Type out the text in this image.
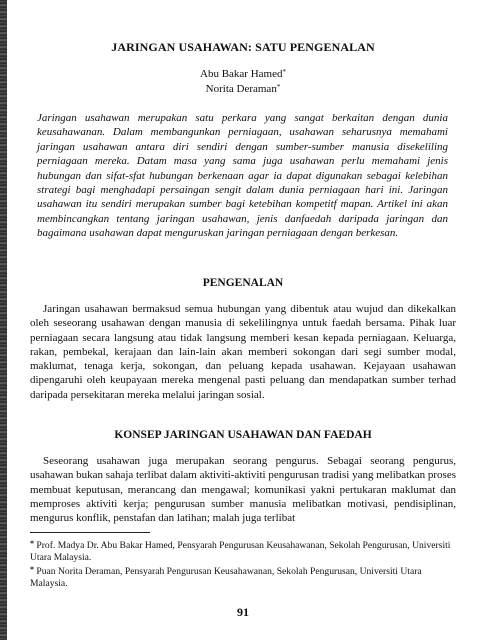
JARINGAN USAHAWAN: SATU PENGENALAN
Abu Bakar Hamed*
Norita Deraman*
Jaringan usahawan merupakan satu perkara yang sangat berkaitan dengan dunia keusahawanan. Dalam membangunkan perniagaan, usahawan seharusnya memahami jaringan usahawan antara diri sendiri dengan sumber-sumber manusia disekeliling perniagaan mereka. Datam masa yang sama juga usahawan perlu memahami jenis hubungan dan sifat-sfat hubungan berkenaan agar ia dapat digunakan sebagai kelebihan strategi bagi menghadapi persaingan sengit dalam dunia perniagaan hari ini. Jaringan usahawan itu sendiri merupakan sumber bagi ketebihan kompetitf mapan. Artikel ini akan membincangkan tentang jaringan usahawan, jenis danfaedah daripada jaringan dan bagaimana usahawan dapat menguruskan jaringan perniagaan dengan berkesan.
PENGENALAN
Jaringan usahawan bermaksud semua hubungan yang dibentuk atau wujud dan dikekalkan oleh seseorang usahawan dengan manusia di sekelilingnya untuk faedah bersama. Pihak luar perniagaan secara langsung atau tidak langsung memberi kesan kepada perniagaan. Keluarga, rakan, pembekal, kerajaan dan lain-lain akan memberi sokongan dari segi sumber modal, maklumat, tenaga kerja, sokongan, dan peluang kepada usahawan. Kejayaan usahawan dipengaruhi oleh keupayaan mereka mengenal pasti peluang dan mendapatkan sumber terhad daripada persekitaran mereka melalui jaringan sosial.
KONSEP JARINGAN USAHAWAN DAN FAEDAH
Seseorang usahawan juga merupakan seorang pengurus. Sebagai seorang pengurus, usahawan bukan sahaja terlibat dalam aktiviti-aktiviti pengurusan tradisi yang melibatkan proses membuat keputusan, merancang dan mengawal; komunikasi yakni pertukaran maklumat dan memproses aktiviti kerja; pengurusan sumber manusia melibatkan motivasi, pendisiplinan, mengurus konflik, penstafan dan latihan; malah juga terlibat
* Prof. Madya Dr. Abu Bakar Hamed, Pensyarah Pengurusan Keusahawanan, Sekolah Pengurusan, Universiti Utara Malaysia.
* Puan Norita Deraman, Pensyarah Pengurusan Keusahawanan, Sekolah Pengurusan, Universiti Utara Malaysia.
91
